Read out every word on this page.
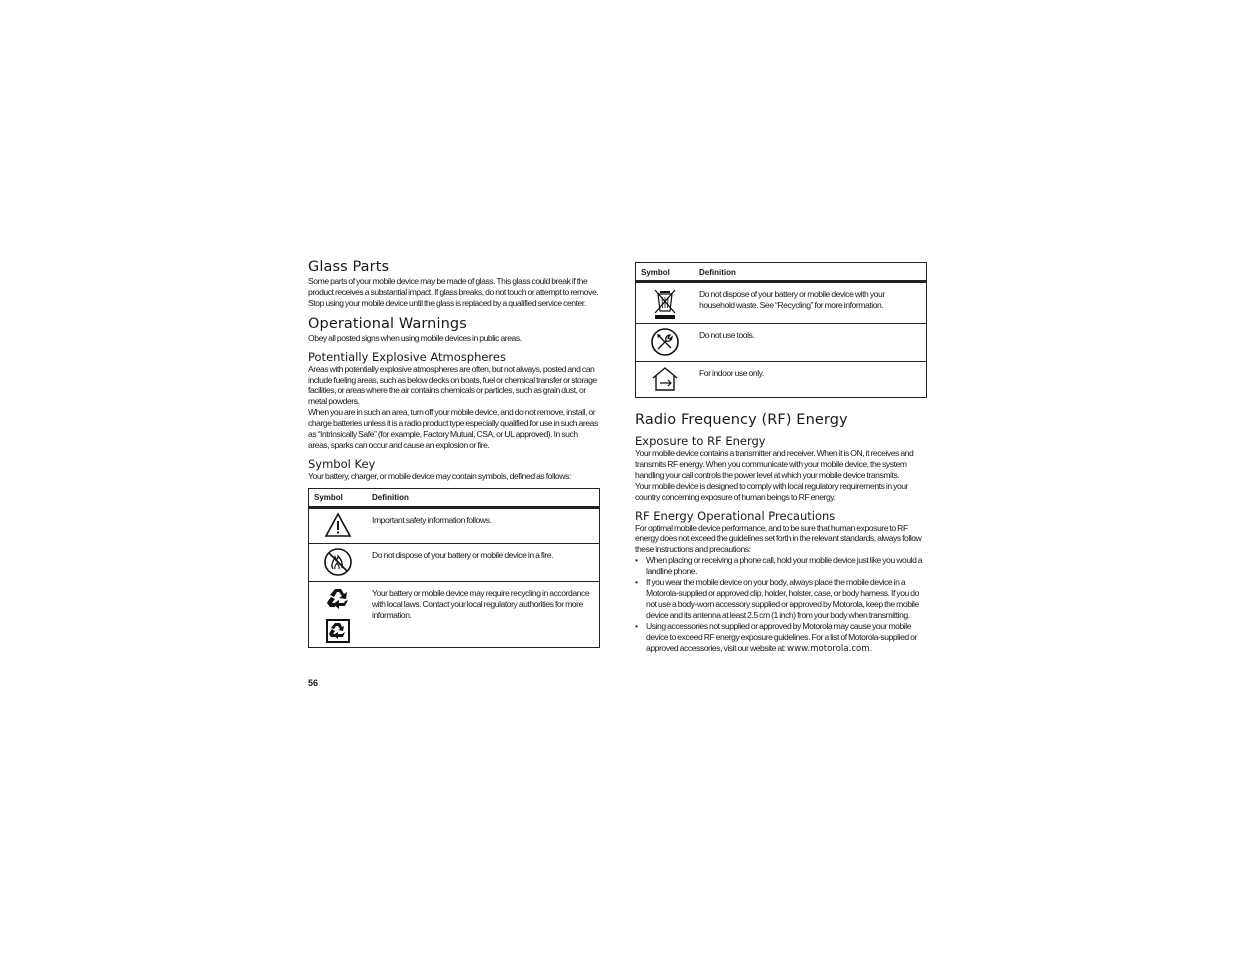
Glass Parts

Some parts of your mobile device may be made of glass. This glass could break if the product receives a substantial impact. If glass breaks, do not touch or attempt to remove. Stop using your mobile device until the glass is replaced by a qualified service center.

Operational Warnings

Obey all posted signs when using mobile devices in public areas.

Potentially Explosive Atmospheres

Areas with potentially explosive atmospheres are often, but not always, posted and can include fueling areas, such as below decks on boats, fuel or chemical transfer or storage facilities, or areas where the air contains chemicals or particles, such as grain dust, or metal powders.

When you are in such an area, turn off your mobile device, and do not remove, install, or charge batteries unless it is a radio product type especially qualified for use in such areas as “Intrinsically Safe” (for example, Factory Mutual, CSA, or UL approved). In such areas, sparks can occur and cause an explosion or fire.

Symbol Key

Your battery, charger, or mobile device may contain symbols, defined as follows:

Symbol	Definition

	Important safety information follows.

	Do not dispose of your battery or mobile device in a fire.

	Your battery or mobile device may require recycling in accordance with local laws. Contact your local regulatory authorities for more information.
56
Symbol	Definition

	Do not dispose of your battery or mobile device with your household waste. See “Recycling” for more information.

	Do not use tools.

	For indoor use only.
Radio Frequency (RF) Energy
Exposure to RF Energy

Your mobile device contains a transmitter and receiver. When it is ON, it receives and transmits RF energy. When you communicate with your mobile device, the system handling your call controls the power level at which your mobile device transmits.

Your mobile device is designed to comply with local regulatory requirements in your country concerning exposure of human beings to RF energy.

RF Energy Operational Precautions

For optimal mobile device performance, and to be sure that human exposure to RF energy does not exceed the guidelines set forth in the relevant standards, always follow these instructions and precautions:

• When placing or receiving a phone call, hold your mobile device just like you would a landline phone.
• If you wear the mobile device on your body, always place the mobile device in a Motorola-supplied or approved clip, holder, holster, case, or body harness. If you do not use a body-worn accessory supplied or approved by Motorola, keep the mobile device and its antenna at least 2.5 cm (1 inch) from your body when transmitting.
• Using accessories not supplied or approved by Motorola may cause your mobile device to exceed RF energy exposure guidelines. For a list of Motorola-supplied or approved accessories, visit our website at: www.motorola.com.
